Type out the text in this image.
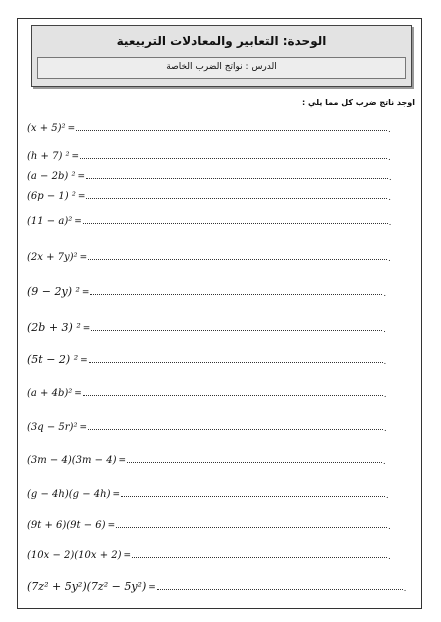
الوحدة: التعابير والمعادلات التربيعية
الدرس : نواتج الضرب الخاصة
اوجد ناتج ضرب كل مما يلي :
(x + 5)² =	.
(h + 7) ² =	.
(a − 2b) ² =	.
(6p − 1) ² =	.
(11 − a)² =	.
(2x + 7y)² =	.
(9 − 2y) ² =	.
(2b + 3) ² =	.
(5t − 2) ² =	.
(a + 4b)² =	.
(3q − 5r)² =	.
(3m − 4)(3m − 4) =	.
(g − 4h)(g − 4h) =	.
(9t + 6)(9t − 6) =	.
(10x − 2)(10x + 2) =	.
(7z² + 5y²)(7z² − 5y²) =	.
